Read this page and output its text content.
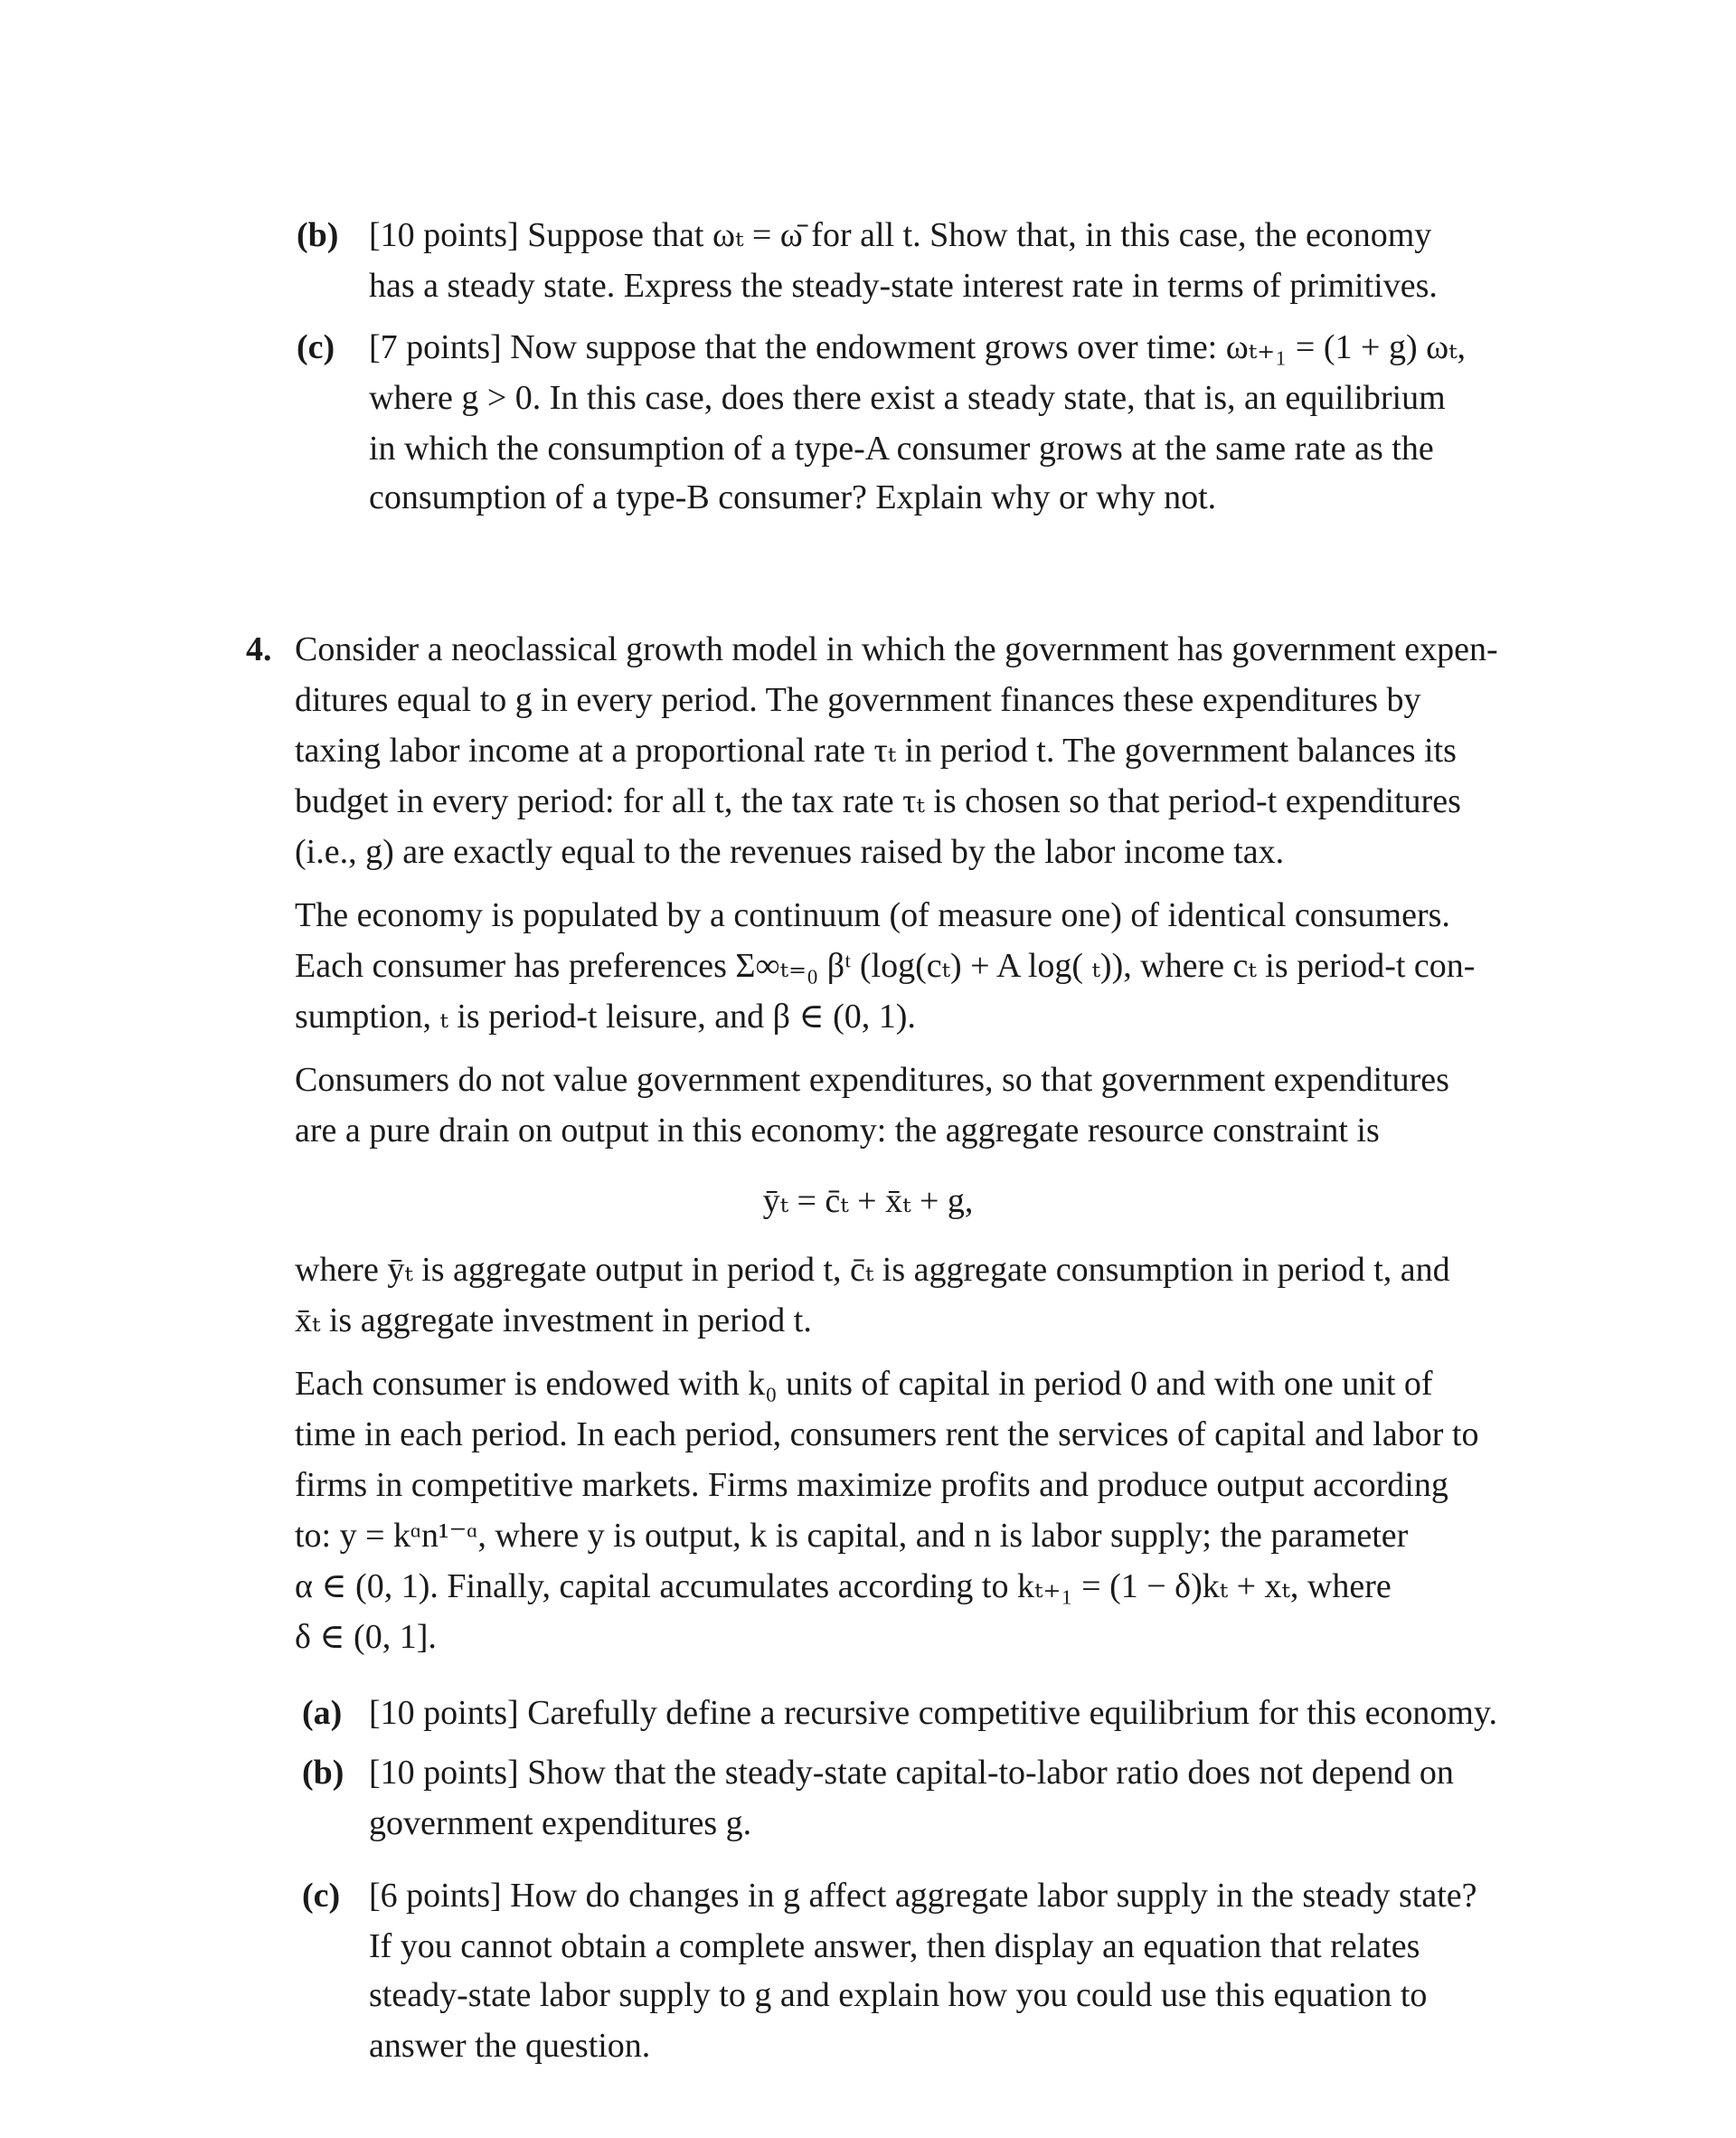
(b) [10 points] Suppose that ωₜ = ω̄ for all t. Show that, in this case, the economy
has a steady state. Express the steady-state interest rate in terms of primitives.
(c) [7 points] Now suppose that the endowment grows over time: ωₜ₊₁ = (1 + g) ωₜ,
where g > 0. In this case, does there exist a steady state, that is, an equilibrium
in which the consumption of a type-A consumer grows at the same rate as the
consumption of a type-B consumer? Explain why or why not.
4. Consider a neoclassical growth model in which the government has government expen-
ditures equal to g in every period. The government finances these expenditures by
taxing labor income at a proportional rate τₜ in period t. The government balances its
budget in every period: for all t, the tax rate τₜ is chosen so that period-t expenditures
(i.e., g) are exactly equal to the revenues raised by the labor income tax.
The economy is populated by a continuum (of measure one) of identical consumers.
Each consumer has preferences Σ∞ₜ₌₀ βᵗ (log(cₜ) + A log( ₜ)), where cₜ is period-t con-
sumption, ₜ is period-t leisure, and β ∈ (0, 1).
Consumers do not value government expenditures, so that government expenditures
are a pure drain on output in this economy: the aggregate resource constraint is
ȳₜ = c̄ₜ + x̄ₜ + g,
where ȳₜ is aggregate output in period t, c̄ₜ is aggregate consumption in period t, and
x̄ₜ is aggregate investment in period t.
Each consumer is endowed with k₀ units of capital in period 0 and with one unit of
time in each period. In each period, consumers rent the services of capital and labor to
firms in competitive markets. Firms maximize profits and produce output according
to: y = kᵅn¹⁻ᵅ, where y is output, k is capital, and n is labor supply; the parameter
α ∈ (0, 1). Finally, capital accumulates according to kₜ₊₁ = (1 − δ)kₜ + xₜ, where
δ ∈ (0, 1].
(a) [10 points] Carefully define a recursive competitive equilibrium for this economy.
(b) [10 points] Show that the steady-state capital-to-labor ratio does not depend on
government expenditures g.
(c) [6 points] How do changes in g affect aggregate labor supply in the steady state?
If you cannot obtain a complete answer, then display an equation that relates
steady-state labor supply to g and explain how you could use this equation to
answer the question.
